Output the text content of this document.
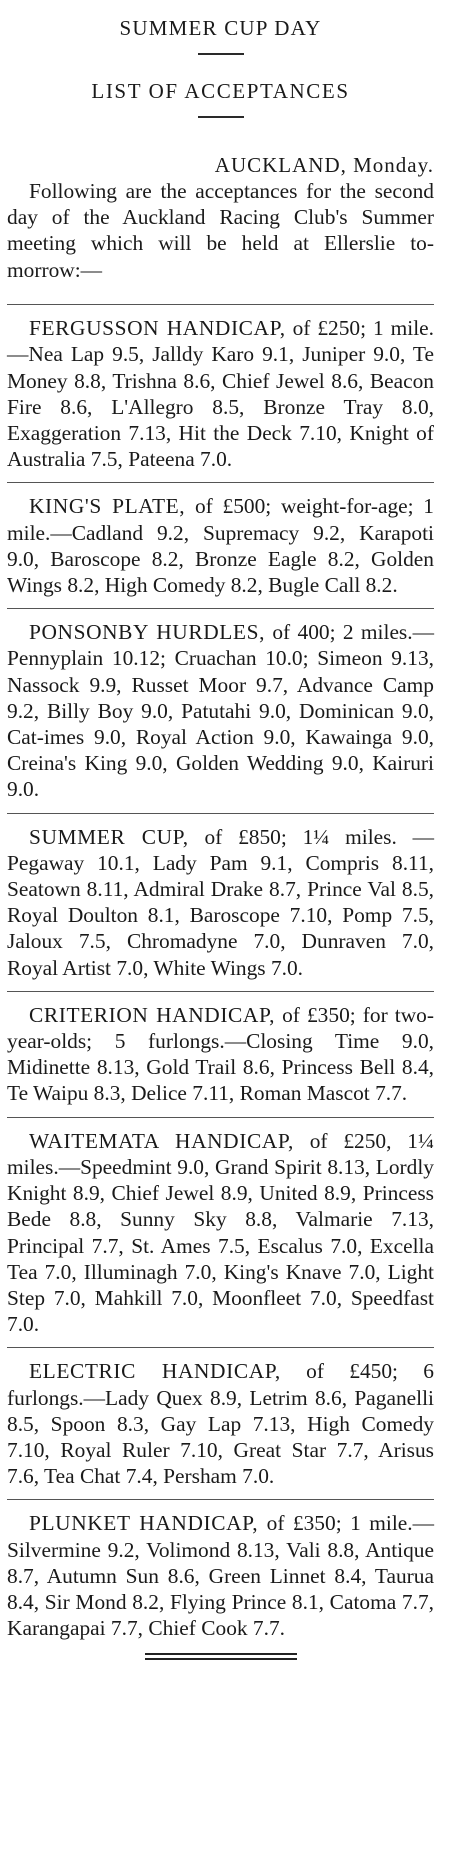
SUMMER CUP DAY
LIST OF ACCEPTANCES
AUCKLAND, Monday.

Following are the acceptances for the second day of the Auckland Racing Club's Summer meeting which will be held at Ellerslie to-morrow:—

FERGUSSON HANDICAP, of £250; 1 mile.—Nea Lap 9.5, Jalldy Karo 9.1, Juniper 9.0, Te Money 8.8, Trishna 8.6, Chief Jewel 8.6, Beacon Fire 8.6, L'Allegro 8.5, Bronze Tray 8.0, Exaggeration 7.13, Hit the Deck 7.10, Knight of Australia 7.5, Pateena 7.0.
KING'S PLATE, of £500; weight-for-age; 1 mile.—Cadland 9.2, Supremacy 9.2, Karapoti 9.0, Baroscope 8.2, Bronze Eagle 8.2, Golden Wings 8.2, High Comedy 8.2, Bugle Call 8.2.
PONSONBY HURDLES, of 400; 2 miles.—Pennyplain 10.12; Cruachan 10.0; Simeon 9.13, Nassock 9.9, Russet Moor 9.7, Advance Camp 9.2, Billy Boy 9.0, Patutahi 9.0, Dominican 9.0, Cat-imes 9.0, Royal Action 9.0, Kawainga 9.0, Creina's King 9.0, Golden Wedding 9.0, Kairuri 9.0.
SUMMER CUP, of £850; 1¼ miles. —Pegaway 10.1, Lady Pam 9.1, Compris 8.11, Seatown 8.11, Admiral Drake 8.7, Prince Val 8.5, Royal Doulton 8.1, Baroscope 7.10, Pomp 7.5, Jaloux 7.5, Chromadyne 7.0, Dunraven 7.0, Royal Artist 7.0, White Wings 7.0.
CRITERION HANDICAP, of £350; for two-year-olds; 5 furlongs.—Closing Time 9.0, Midinette 8.13, Gold Trail 8.6, Princess Bell 8.4, Te Waipu 8.3, Delice 7.11, Roman Mascot 7.7.
WAITEMATA HANDICAP, of £250, 1¼ miles.—Speedmint 9.0, Grand Spirit 8.13, Lordly Knight 8.9, Chief Jewel 8.9, United 8.9, Princess Bede 8.8, Sunny Sky 8.8, Valmarie 7.13, Principal 7.7, St. Ames 7.5, Escalus 7.0, Excella Tea 7.0, Illuminagh 7.0, King's Knave 7.0, Light Step 7.0, Mahkill 7.0, Moonfleet 7.0, Speedfast 7.0.
ELECTRIC HANDICAP, of £450; 6 furlongs.—Lady Quex 8.9, Letrim 8.6, Paganelli 8.5, Spoon 8.3, Gay Lap 7.13, High Comedy 7.10, Royal Ruler 7.10, Great Star 7.7, Arisus 7.6, Tea Chat 7.4, Persham 7.0.
PLUNKET HANDICAP, of £350; 1 mile.—Silvermine 9.2, Volimond 8.13, Vali 8.8, Antique 8.7, Autumn Sun 8.6, Green Linnet 8.4, Taurua 8.4, Sir Mond 8.2, Flying Prince 8.1, Catoma 7.7, Karangapai 7.7, Chief Cook 7.7.
